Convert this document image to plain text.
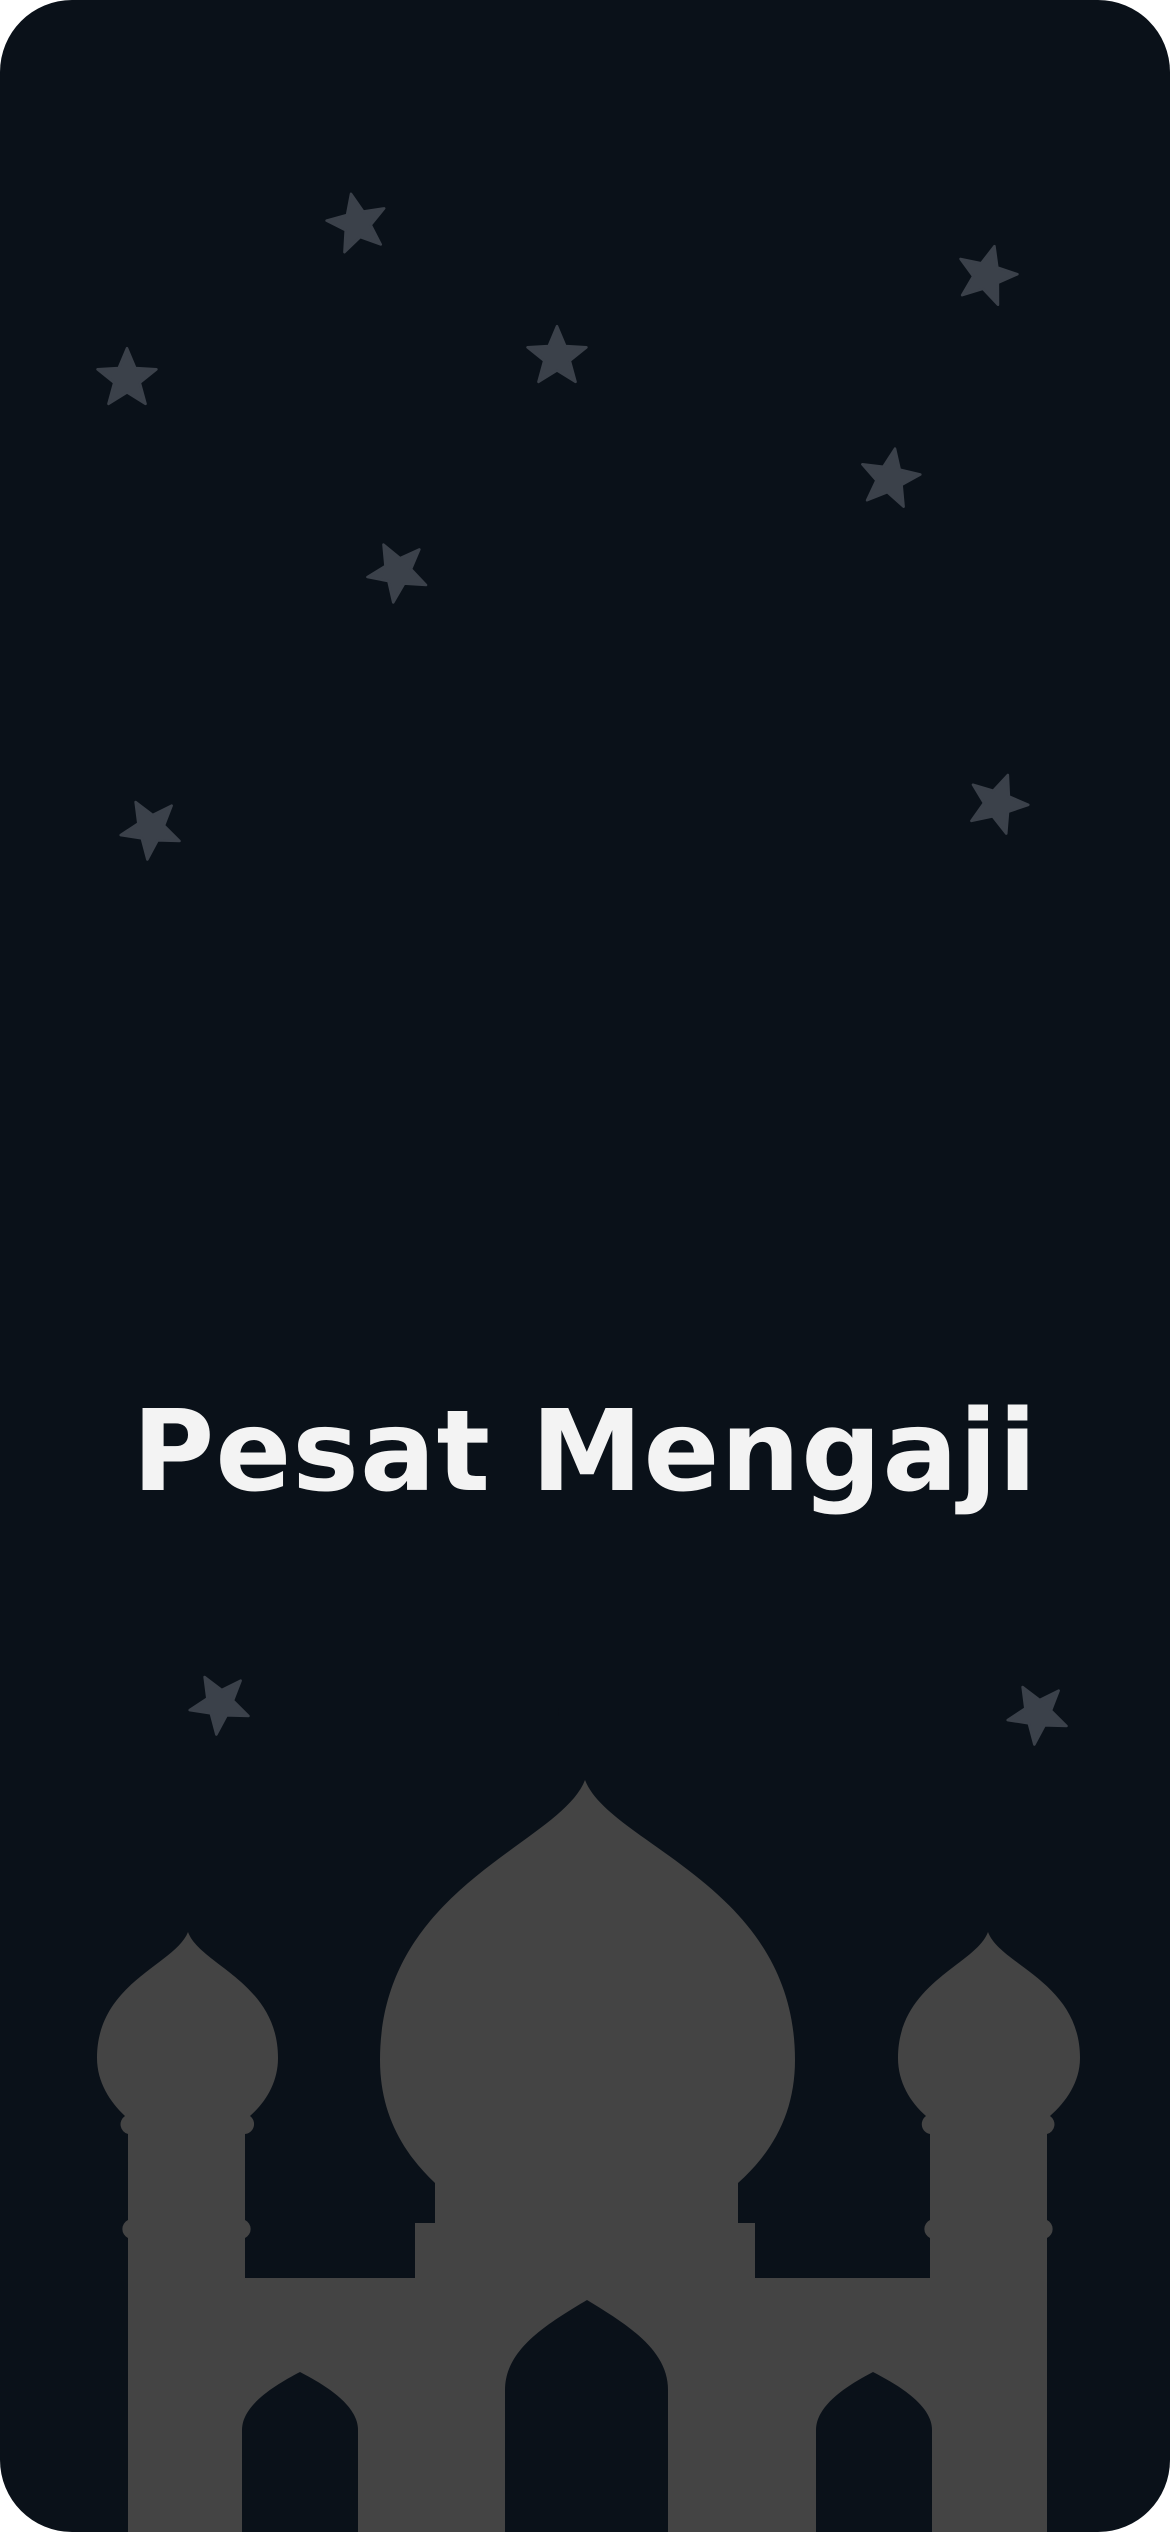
Pesat Mengaji
